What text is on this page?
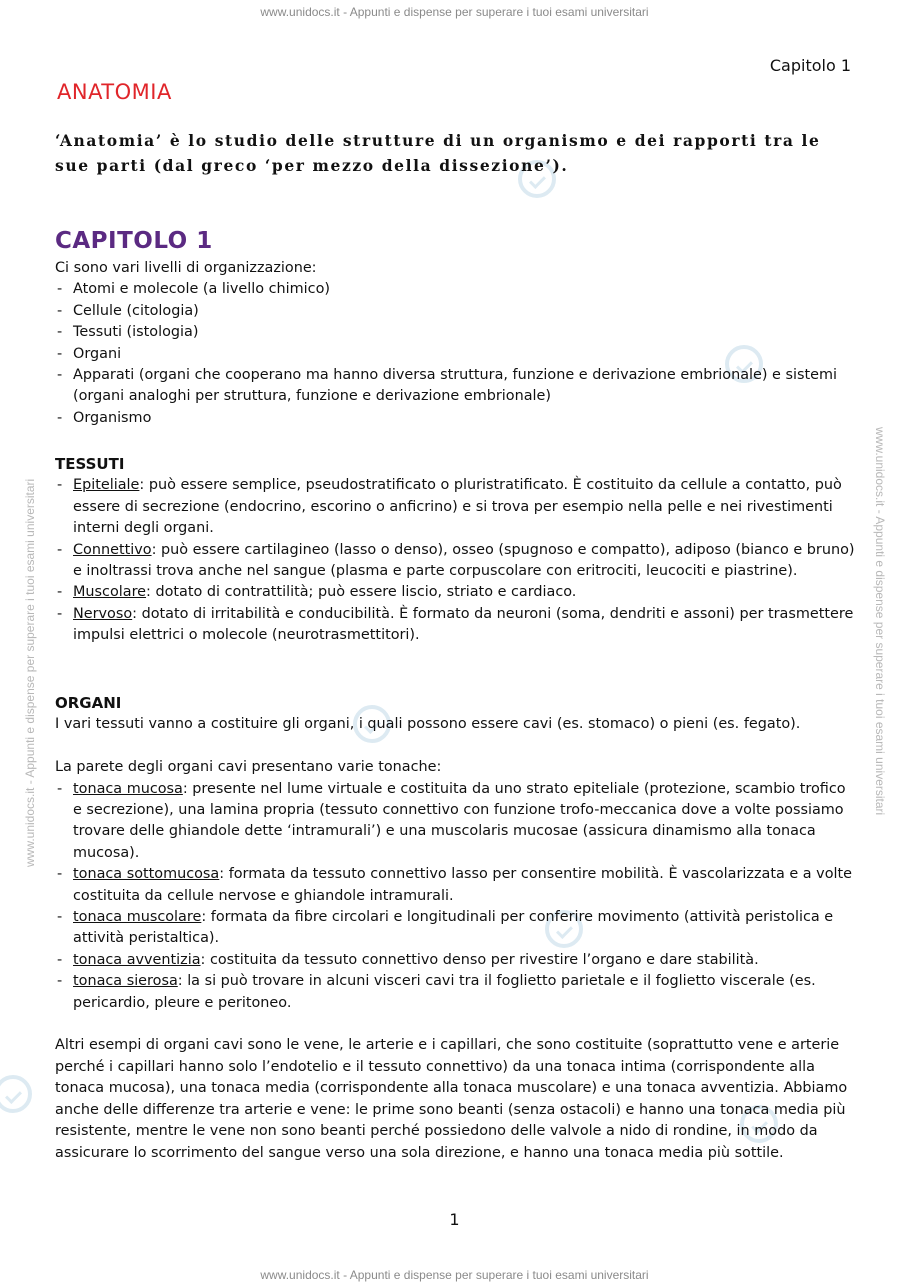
www.unidocs.it - Appunti e dispense per superare i tuoi esami universitari
www.unidocs.it - Appunti e dispense per superare i tuoi esami universitari	www.unidocs.it - Appunti e dispense per superare i tuoi esami universitari
Capitolo 1
ANATOMIA
‘Anatomia’ è lo studio delle strutture di un organismo e dei rapporti tra le sue parti (dal greco ‘per mezzo della dissezione’).
CAPITOLO 1

Ci sono vari livelli di organizzazione:

- Atomi e molecole (a livello chimico)
- Cellule (citologia)
- Tessuti (istologia)
- Organi
- Apparati (organi che cooperano ma hanno diversa struttura, funzione e derivazione embrionale) e sistemi (organi analoghi per struttura, funzione e derivazione embrionale)
- Organismo

TESSUTI

- Epiteliale: può essere semplice, pseudostratificato o pluristratificato. È costituito da cellule a contatto, può essere di secrezione (endocrino, escorino o anficrino) e si trova per esempio nella pelle e nei rivestimenti interni degli organi.
- Connettivo: può essere cartilagineo (lasso o denso), osseo (spugnoso e compatto), adiposo (bianco e bruno) e inoltrassi trova anche nel sangue (plasma e parte corpuscolare con eritrociti, leucociti e piastrine).
- Muscolare: dotato di contrattilità; può essere liscio, striato e cardiaco.
- Nervoso: dotato di irritabilità e conducibilità. È formato da neuroni (soma, dendriti e assoni) per trasmettere impulsi elettrici o molecole (neurotrasmettitori).

ORGANI

I vari tessuti vanno a costituire gli organi, i quali possono essere cavi (es. stomaco) o pieni (es. fegato).

La parete degli organi cavi presentano varie tonache:

- tonaca mucosa: presente nel lume virtuale e costituita da uno strato epiteliale (protezione, scambio trofico e secrezione), una lamina propria (tessuto connettivo con funzione trofo-meccanica dove a volte possiamo trovare delle ghiandole dette ‘intramurali’) e una muscolaris mucosae (assicura dinamismo alla tonaca mucosa).
- tonaca sottomucosa: formata da tessuto connettivo lasso per consentire mobilità. È vascolarizzata e a volte costituita da cellule nervose e ghiandole intramurali.
- tonaca muscolare: formata da fibre circolari e longitudinali per conferire movimento (attività peristolica e attività peristaltica).
- tonaca avventizia: costituita da tessuto connettivo denso per rivestire l’organo e dare stabilità.
- tonaca sierosa: la si può trovare in alcuni visceri cavi tra il foglietto parietale e il foglietto viscerale (es. pericardio, pleure e peritoneo.

Altri esempi di organi cavi sono le vene, le arterie e i capillari, che sono costituite (soprattutto vene e arterie perché i capillari hanno solo l’endotelio e il tessuto connettivo) da una tonaca intima (corrispondente alla tonaca mucosa), una tonaca media (corrispondente alla tonaca muscolare) e una tonaca avventizia. Abbiamo anche delle differenze tra arterie e vene: le prime sono beanti (senza ostacoli) e hanno una tonaca media più resistente, mentre le vene non sono beanti perché possiedono delle valvole a nido di rondine, in modo da assicurare lo scorrimento del sangue verso una sola direzione, e hanno una tonaca media più sottile.

1
www.unidocs.it - Appunti e dispense per superare i tuoi esami universitari
